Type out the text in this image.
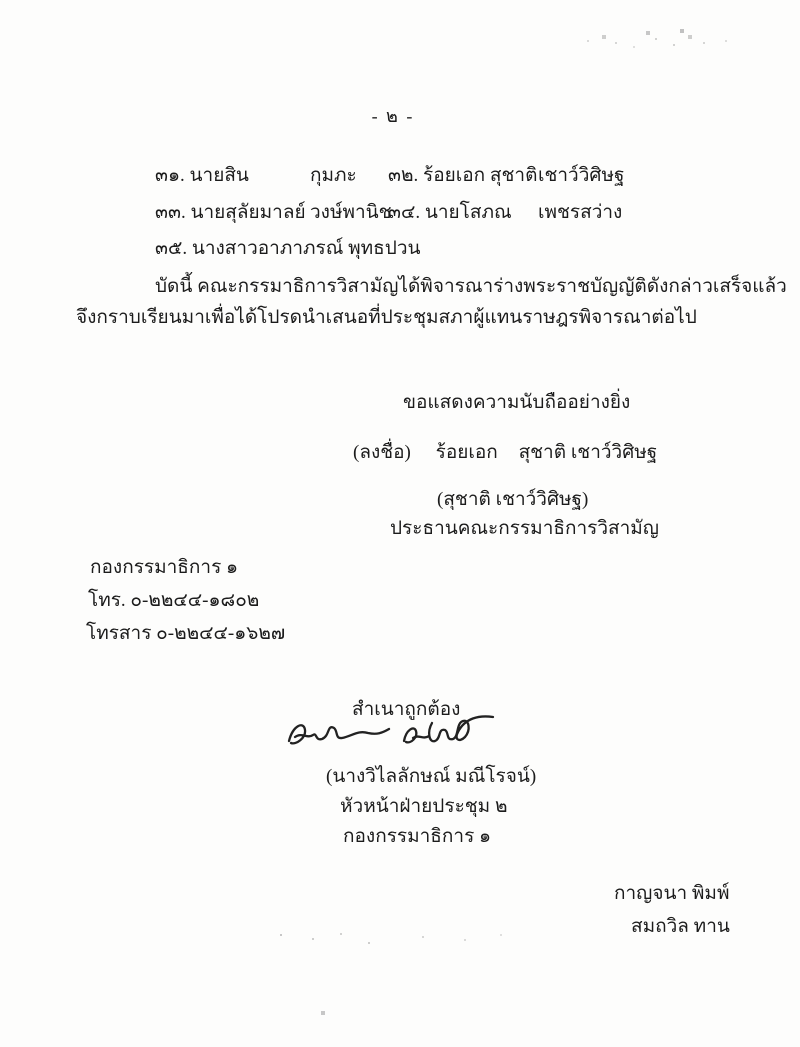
- ๒ -
๓๑. นายสิน	กุมภะ ๓๒. ร้อยเอก สุชาติ เชาว์วิศิษฐ
๓๓. นายสุลัยมาลย์ วงษ์พานิช
๓๔. นายโสภณ เพชรสว่าง
๓๕. นางสาวอาภาภรณ์ พุทธปวน
บัดนี้ คณะกรรมาธิการวิสามัญได้พิจารณาร่างพระราชบัญญัติดังกล่าวเสร็จแล้ว
จึงกราบเรียนมาเพื่อได้โปรดนำเสนอที่ประชุมสภาผู้แทนราษฎรพิจารณาต่อไป
ขอแสดงความนับถืออย่างยิ่ง
(ลงชื่อ) ร้อยเอก สุชาติ เชาว์วิศิษฐ
(สุชาติ เชาว์วิศิษฐ)
ประธานคณะกรรมาธิการวิสามัญ
กองกรรมาธิการ ๑
โทร. ๐-๒๒๔๔-๑๘๐๒
โทรสาร ๐-๒๒๔๔-๑๖๒๗
สำเนาถูกต้อง
(นางวิไลลักษณ์ มณีโรจน์)
หัวหน้าฝ่ายประชุม ๒
กองกรรมาธิการ ๑
กาญจนา พิมพ์
สมถวิล ทาน
